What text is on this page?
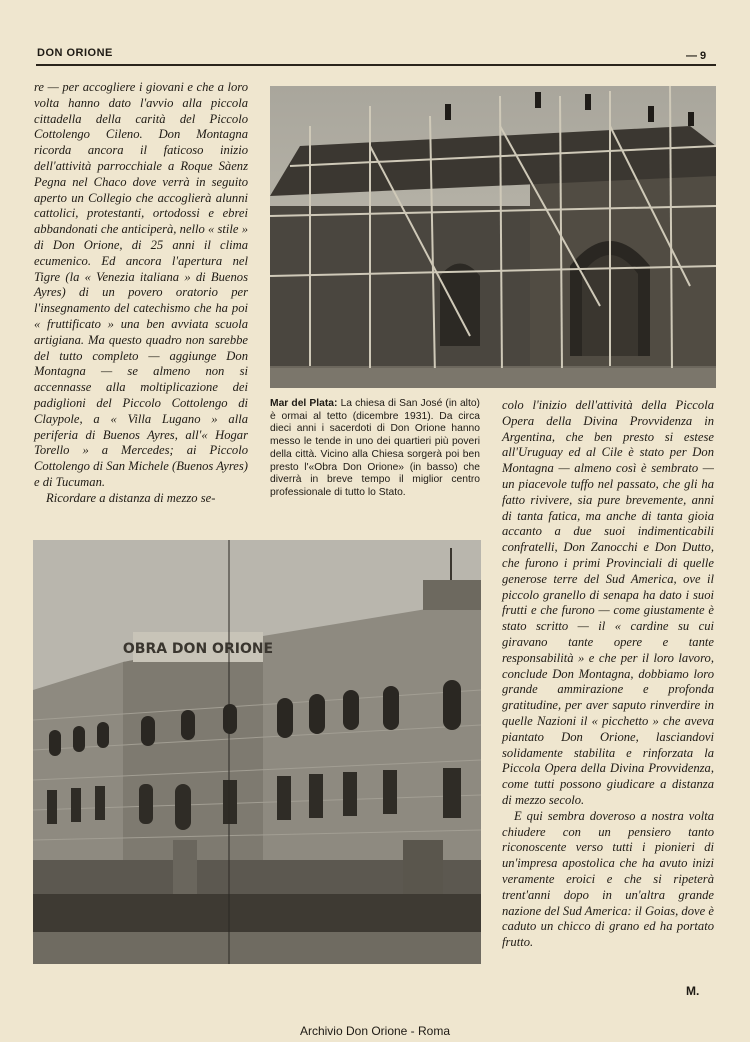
DON ORIONE	— 9

re — per accogliere i giovani e che a loro volta hanno dato l'avvio alla piccola cittadella della carità del Piccolo Cottolengo Cileno. Don Montagna ricorda ancora il faticoso inizio dell'attività parrocchiale a Roque Sàenz Pegna nel Chaco dove verrà in seguito aperto un Collegio che accoglierà alunni cattolici, protestanti, ortodossi e ebrei abbandonati che anticiperà, nello « stile » di Don Orione, di 25 anni il clima ecumenico. Ed ancora l'apertura nel Tigre (la « Venezia italiana » di Buenos Ayres) di un povero oratorio per l'insegnamento del catechismo che ha poi « fruttificato » una ben avviata scuola artigiana. Ma questo quadro non sarebbe del tutto completo — aggiunge Don Montagna — se almeno non si accennasse alla moltiplicazione dei padiglioni del Piccolo Cottolengo di Claypole, a « Villa Lugano » alla periferia di Buenos Ayres, all'« Hogar Torello » a Mercedes; ai Piccolo Cottolengo di San Michele (Buenos Ayres) e di Tucuman.

Ricordare a distanza di mezzo se-

Mar del Plata: La chiesa di San José (in alto) è ormai al tetto (dicembre 1931). Da circa dieci anni i sacerdoti di Don Orione hanno messo le tende in uno dei quartieri più poveri della città. Vicino alla Chiesa sorgerà poi ben presto l'«Obra Don Orione» (in basso) che diverrà in breve tempo il miglior centro professionale di tutto lo Stato.

colo l'inizio dell'attività della Piccola Opera della Divina Provvidenza in Argentina, che ben presto si estese all'Uruguay ed al Cile è stato per Don Montagna — almeno così è sembrato — un piacevole tuffo nel passato, che gli ha fatto rivivere, sia pure brevemente, anni di tanta fatica, ma anche di tanta gioia accanto a due suoi indimenticabili confratelli, Don Zanocchi e Don Dutto, che furono i primi Provinciali di quelle generose terre del Sud America, ove il piccolo granello di senapa ha dato i suoi frutti e che furono — come giustamente è stato scritto — il « cardine su cui giravano tante opere e tante responsabilità » e che per il loro lavoro, conclude Don Montagna, dobbiamo loro grande ammirazione e profonda gratitudine, per aver saputo rinverdire in quelle Nazioni il « picchetto » che aveva piantato Don Orione, lasciandovi solidamente stabilita e rinforzata la Piccola Opera della Divina Provvidenza, come tutti possono giudicare a distanza di mezzo secolo.

E qui sembra doveroso a nostra volta chiudere con un pensiero tanto riconoscente verso tutti i pionieri di un'impresa apostolica che ha avuto inizi veramente eroici e che si ripeterà trent'anni dopo in un'altra grande nazione del Sud America: il Goias, dove è caduto un chicco di grano ed ha portato frutto.

OBRA DON ORIONE
M.
Archivio Don Orione - Roma
